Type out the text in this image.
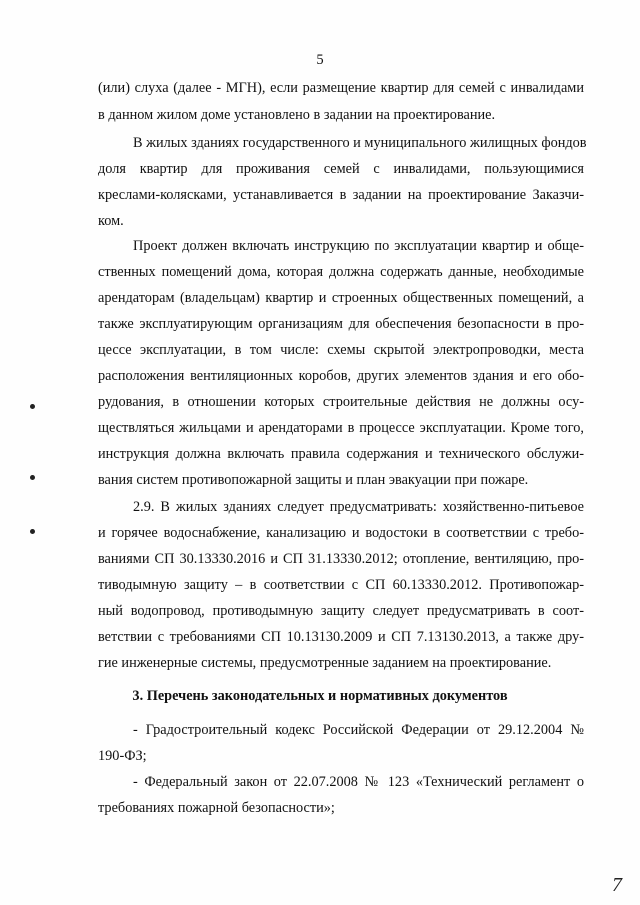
5
(или) слуха (далее - МГН), если размещение квартир для семей с инвалидами
в данном жилом доме установлено в задании на проектирование.
В жилых зданиях государственного и муниципального жилищных фондов
доля квартир для проживания семей с инвалидами, пользующимися
креслами-колясками, устанавливается в задании на проектирование Заказчи-
ком.
Проект должен включать инструкцию по эксплуатации квартир и обще-
ственных помещений дома, которая должна содержать данные, необходимые
арендаторам (владельцам) квартир и строенных общественных помещений, а
также эксплуатирующим организациям для обеспечения безопасности в про-
цессе эксплуатации, в том числе: схемы скрытой электропроводки, места
расположения вентиляционных коробов, других элементов здания и его обо-
рудования, в отношении которых строительные действия не должны осу-
ществляться жильцами и арендаторами в процессе эксплуатации. Кроме того,
инструкция должна включать правила содержания и технического обслужи-
вания систем противопожарной защиты и план эвакуации при пожаре.
2.9. В жилых зданиях следует предусматривать: хозяйственно-питьевое
и горячее водоснабжение, канализацию и водостоки в соответствии с требо-
ваниями СП 30.13330.2016 и СП 31.13330.2012; отопление, вентиляцию, про-
тиводымную защиту – в соответствии с СП 60.13330.2012. Противопожар-
ный водопровод, противодымную защиту следует предусматривать в соот-
ветствии с требованиями СП 10.13130.2009 и СП 7.13130.2013, а также дру-
гие инженерные системы, предусмотренные заданием на проектирование.
3. Перечень законодательных и нормативных документов
- Градостроительный кодекс Российской Федерации от 29.12.2004 №
190-ФЗ;
- Федеральный закон от 22.07.2008 № 123 «Технический регламент о
требованиях пожарной безопасности»;
7
